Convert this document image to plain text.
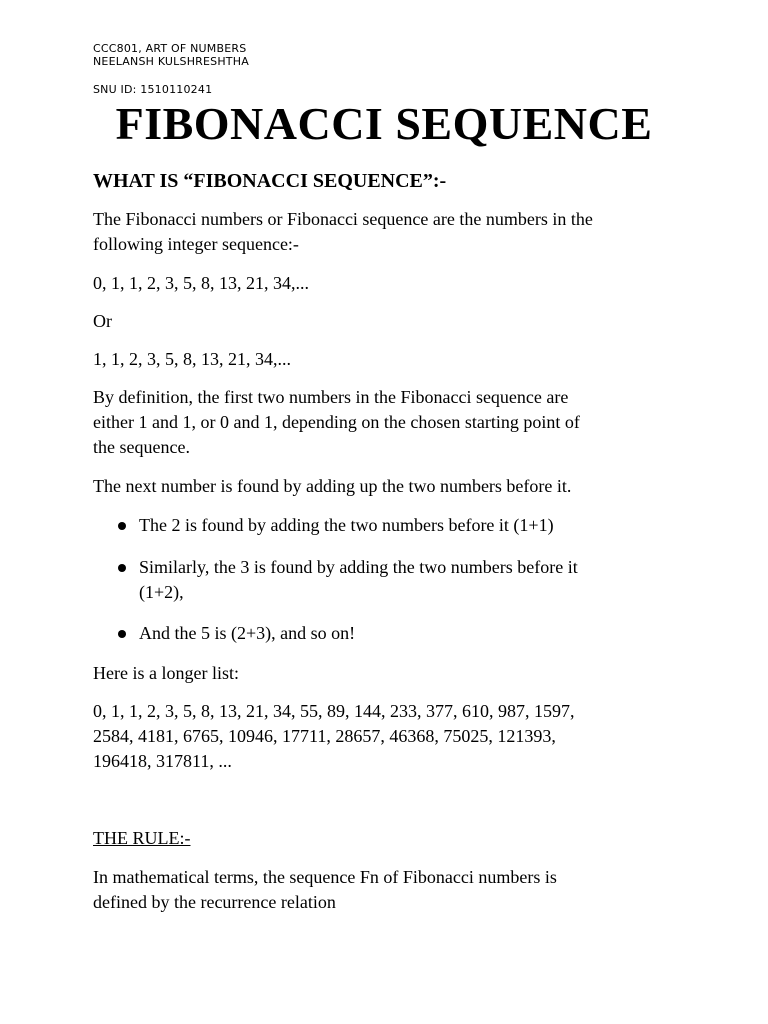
CCC801, ART OF NUMBERS
NEELANSH KULSHRESHTHA
SNU ID: 1510110241
FIBONACCI SEQUENCE
WHAT IS “FIBONACCI SEQUENCE”:-
The Fibonacci numbers or Fibonacci sequence are the numbers in the
following integer sequence:-
0, 1, 1, 2, 3, 5, 8, 13, 21, 34,...
Or
1, 1, 2, 3, 5, 8, 13, 21, 34,...
By definition, the first two numbers in the Fibonacci sequence are
either 1 and 1, or 0 and 1, depending on the chosen starting point of
the sequence.
The next number is found by adding up the two numbers before it.
The 2 is found by adding the two numbers before it (1+1)
Similarly, the 3 is found by adding the two numbers before it
(1+2),
And the 5 is (2+3), and so on!
Here is a longer list:
0, 1, 1, 2, 3, 5, 8, 13, 21, 34, 55, 89, 144, 233, 377, 610, 987, 1597,
2584, 4181, 6765, 10946, 17711, 28657, 46368, 75025, 121393,
196418, 317811, ...
THE RULE:-
In mathematical terms, the sequence Fn of Fibonacci numbers is
defined by the recurrence relation
